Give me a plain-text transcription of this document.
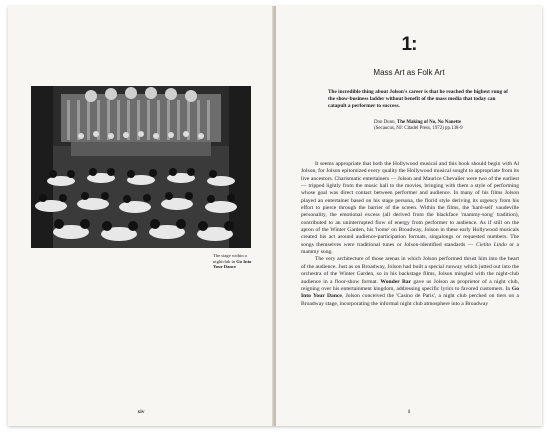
The stage within a nightclub in Go Into Your Dance
xiv
1:
Mass Art as Folk Art
The incredible thing about Jolson's career is that he reached the highest rung of the show-business ladder without benefit of the mass media that today can catapult a performer to success.
Don Dunn, The Making of No, No Nanette
(Secaucus, NJ: Citadel Press, 1972) pp.138-9

It seems appropriate that both the Hollywood musical and this book should begin with Al Jolson, for Jolson epitomized every quality the Hollywood musical sought to appropriate from its live ancestors. Charismatic entertainers — Jolson and Maurice Chevalier were two of the earliest — tripped lightly from the music hall to the movies, bringing with them a style of performing whose goal was direct contact between performer and audience. In many of his films Jolson played an entertainer based on his stage persona, the florid style deriving its urgency from his effort to pierce through the barrier of the screen. Within the films, the 'hard-sell' vaudeville personality, the emotional excess (all derived from the blackface 'mammy-song' tradition), contributed to an uninterrupted flow of energy from performer to audience. As if still on the apron of the Winter Garden, his 'home' on Broadway, Jolson in these early Hollywood musicals created his act around audience-participation formats, singalongs or requested numbers. The songs themselves were traditional tunes or Jolson-identified standards — Cielito Lindo or a mammy song.

The very architecture of those arenas in which Jolson performed thrust him into the heart of the audience. Just as on Broadway, Jolson had built a special runway which jutted out into the orchestra of the Winter Garden, so in his backstage films, Jolson mingled with the night-club audience in a floor-show format. Wonder Bar gave us Jolson as proprietor of a night club, reigning over his entertainment kingdom, addressing specific lyrics to favored customers. In Go Into Your Dance, Jolson conceived the 'Casino de Paris', a night club perched on tiers on a Broadway stage, incorporating the informal night club atmosphere into a Broadway

1
